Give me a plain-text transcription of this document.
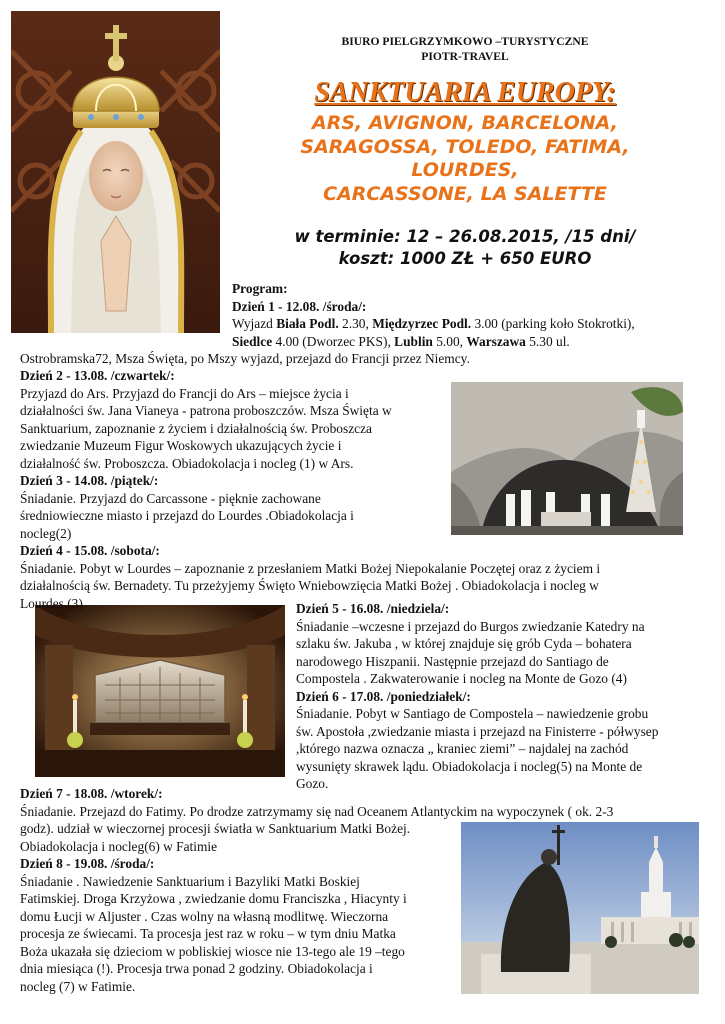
BIURO PIELGRZYMKOWO –TURYSTYCZNE
PIOTR-TRAVEL
SANKTUARIA EUROPY:
ARS, AVIGNON, BARCELONA,
SARAGOSSA, TOLEDO, FATIMA,
LOURDES,
CARCASSONE, LA SALETTE
w terminie: 12 – 26.08.2015, /15 dni/
koszt: 1000 ZŁ + 650 EURO
Program:
Dzień 1 - 12.08. /środa/:
Wyjazd Biała Podl. 2.30, Międzyrzec Podl. 3.00 (parking koło Stokrotki),
Siedlce 4.00 (Dworzec PKS), Lublin 5.00, Warszawa 5.30 ul.
Ostrobramska72, Msza Święta, po Mszy wyjazd, przejazd do Francji przez Niemcy.
Dzień 2 - 13.08. /czwartek/:
Przyjazd do Ars. Przyjazd do Francji do Ars – miejsce życia i
działalności św. Jana Vianeya - patrona proboszczów. Msza Święta w
Sanktuarium, zapoznanie z życiem i działalnością św. Proboszcza
zwiedzanie Muzeum Figur Woskowych ukazujących życie i
działalność św. Proboszcza. Obiadokolacja i nocleg (1) w Ars.
Dzień 3 - 14.08. /piątek/:
Śniadanie. Przyjazd do Carcassone - pięknie zachowane
średniowieczne miasto i przejazd do Lourdes .Obiadokolacja i
nocleg(2)
Dzień 4 - 15.08. /sobota/:
Śniadanie. Pobyt w Lourdes – zapoznanie z przesłaniem Matki Bożej Niepokalanie Poczętej oraz z życiem i
działalnością św. Bernadety. Tu przeżyjemy Święto Wniebowzięcia Matki Bożej . Obiadokolacja i nocleg w
Lourdes (3)	Dzień 5 - 16.08. /niedziela/:
Śniadanie –wczesne i przejazd do Burgos zwiedzanie Katedry na
szlaku św. Jakuba , w której znajduje się grób Cyda – bohatera
narodowego Hiszpanii. Następnie przejazd do Santiago de
Compostela . Zakwaterowanie i nocleg na Monte de Gozo (4)
Dzień 6 - 17.08. /poniedziałek/:
Śniadanie. Pobyt w Santiago de Compostela – nawiedzenie grobu
św. Apostoła ,zwiedzanie miasta i przejazd na Finisterre - półwysep
,którego nazwa oznacza „ kraniec ziemi” – najdalej na zachód
wysunięty skrawek lądu. Obiadokolacja i nocleg(5) na Monte de
Gozo.
Dzień 7 - 18.08. /wtorek/:
Śniadanie. Przejazd do Fatimy. Po drodze zatrzymamy się nad Oceanem Atlantyckim na wypoczynek ( ok. 2-3
godz). udział w wieczornej procesji światła w Sanktuarium Matki Bożej.
Obiadokolacja i nocleg(6) w Fatimie
Dzień 8 - 19.08. /środa/:
Śniadanie . Nawiedzenie Sanktuarium i Bazyliki Matki Boskiej
Fatimskiej. Droga Krzyżowa , zwiedzanie domu Franciszka , Hiacynty i
domu Łucji w Aljuster . Czas wolny na własną modlitwę. Wieczorna
procesja ze świecami. Ta procesja jest raz w roku – w tym dniu Matka
Boża ukazała się dzieciom w pobliskiej wiosce nie 13-tego ale 19 –tego
dnia miesiąca (!). Procesja trwa ponad 2 godziny. Obiadokolacja i
nocleg (7) w Fatimie.
